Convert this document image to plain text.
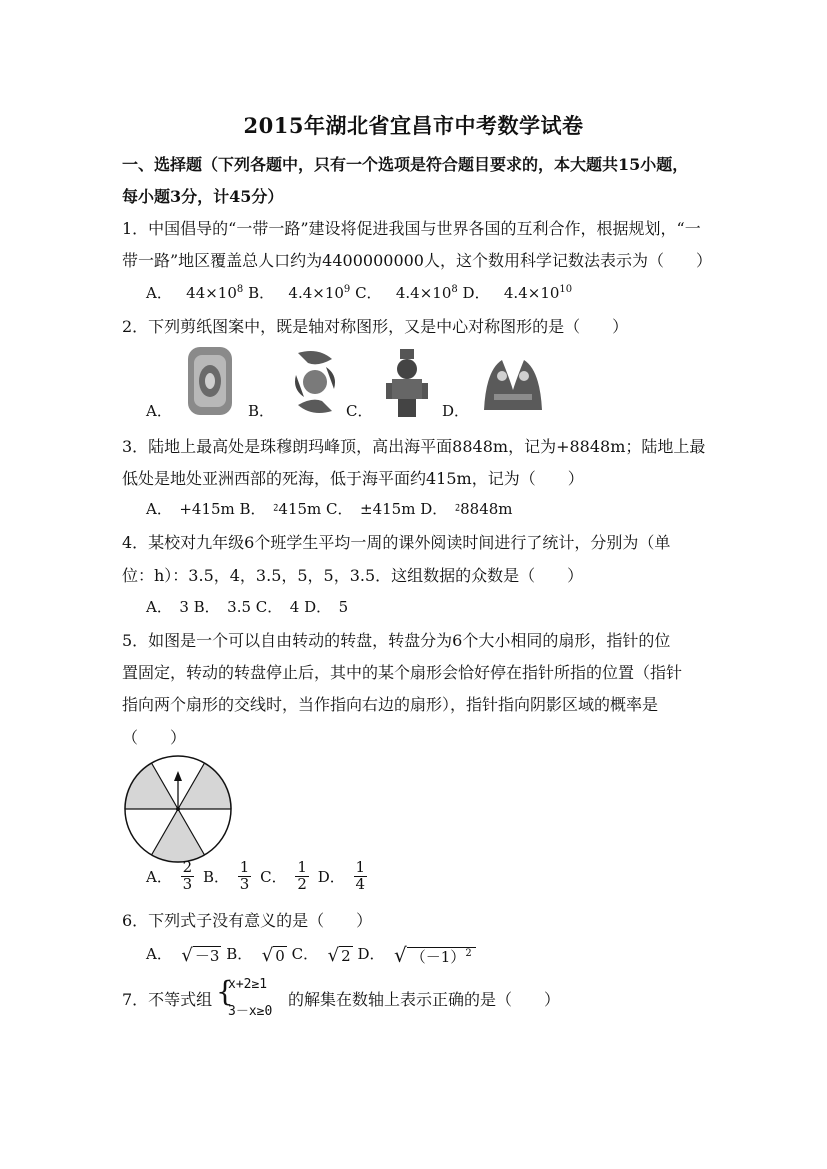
2015年湖北省宜昌市中考数学试卷
一、选择题（下列各题中，只有一个选项是符合题目要求的，本大题共15小题，
每小题3分，计45分）
1．中国倡导的“一带一路”建设将促进我国与世界各国的互利合作，根据规划，“一
带一路”地区覆盖总人口约为4400000000人，这个数用科学记数法表示为（　　）
A． $44\times 10^8$ B． $4.4\times 10^9$ C． $4.4\times 10^8$ D． $4.4\times 10^{10}$
2．下列剪纸图案中，既是轴对称图形，又是中心对称图形的是（　　）
A．	B．	C．	D．
3．陆地上最高处是珠穆朗玛峰顶，高出海平面8848m，记为+8848m；陆地上最
低处是地处亚洲西部的死海，低于海平面约415m，记为（　　）
A．　+415m B．　⁲415m C．　±415m D．　⁲8848m
4．某校对九年级6个班学生平均一周的课外阅读时间进行了统计，分别为（单
位：h）：3.5，4，3.5，5，5，3.5．这组数据的众数是（　　）
A．　3 B．　3.5 C．　4 D．　5
5．如图是一个可以自由转动的转盘，转盘分为6个大小相同的扇形，指针的位
置固定，转动的转盘停止后，其中的某个扇形会恰好停在指针所指的位置（指针
指向两个扇形的交线时，当作指向右边的扇形），指针指向阴影区域的概率是
（　　）
A． $\frac{2}{3}$ B． $\frac{1}{3}$ C． $\frac{1}{2}$ D． $\frac{1}{4}$
6．下列式子没有意义的是（　　）
A． √ －3 B． √ 0 C． √ 2 D． √ $(-1)^2$
7．不等式组 {
x+2≥1
3－x≥0
的解集在数轴上表示正确的是（　　）
